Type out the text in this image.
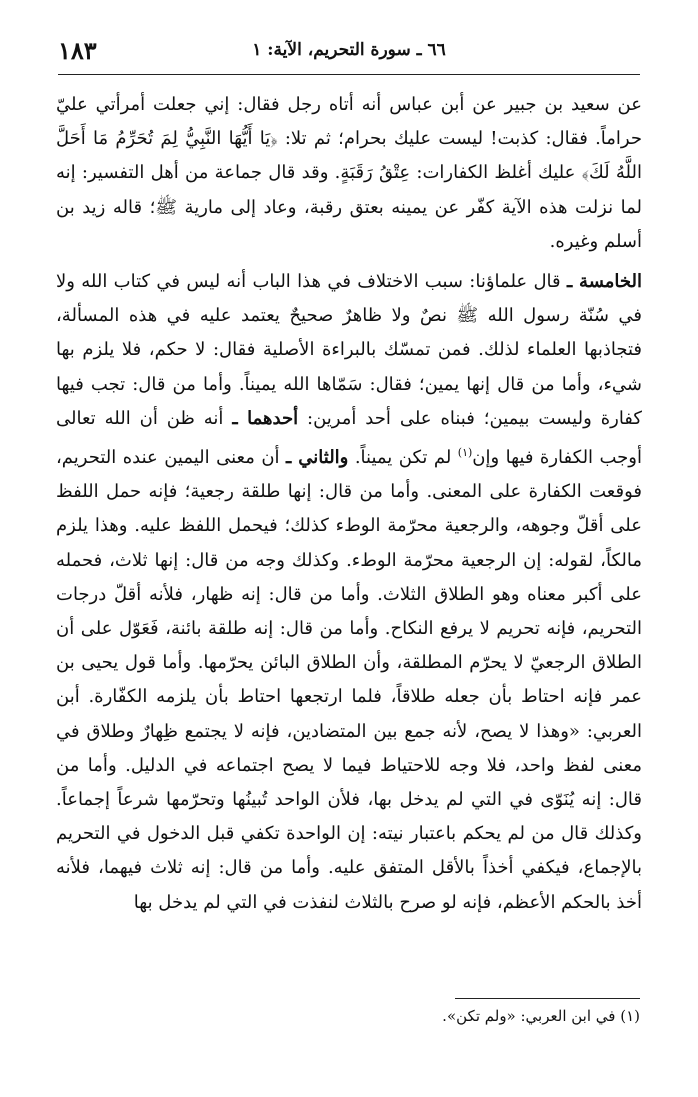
٦٦ ـ سورة التحريم، الآية: ١
١٨٣

عن سعيد بن جبير عن أبن عباس أنه أتاه رجل فقال: إني جعلت أمرأتي عليّ حراماً. فقال: كذبت! ليست عليك بحرام؛ ثم تلا: ﴿يَا أَيُّهَا النَّبِيُّ لِمَ تُحَرِّمُ مَا أَحَلَّ اللَّهُ لَكَ﴾ عليك أغلظ الكفارات: عِتْقُ رَقَبَةٍ. وقد قال جماعة من أهل التفسير: إنه لما نزلت هذه الآية كفّر عن يمينه بعتق رقبة، وعاد إلى مارية ﷺ؛ قاله زيد بن أسلم وغيره.

الخامسة ـ قال علماؤنا: سبب الاختلاف في هذا الباب أنه ليس في كتاب الله ولا في سُنّة رسول الله ﷺ نصٌ ولا ظاهرٌ صحيحٌ يعتمد عليه في هذه المسألة، فتجاذبها العلماء لذلك. فمن تمسّك بالبراءة الأصلية فقال: لا حكم، فلا يلزم بها شيء، وأما من قال إنها يمين؛ فقال: سَمّاها الله يميناً. وأما من قال: تجب فيها كفارة وليست بيمين؛ فبناه على أحد أمرين: أحدهما ـ أنه ظن أن الله تعالى أوجب الكفارة فيها وإن$^{(١)}$ لم تكن يميناً. والثاني ـ أن معنى اليمين عنده التحريم، فوقعت الكفارة على المعنى. وأما من قال: إنها طلقة رجعية؛ فإنه حمل اللفظ على أقلّ وجوهه، والرجعية محرّمة الوطء كذلك؛ فيحمل اللفظ عليه. وهذا يلزم مالكاً، لقوله: إن الرجعية محرّمة الوطء. وكذلك وجه من قال: إنها ثلاث، فحمله على أكبر معناه وهو الطلاق الثلاث. وأما من قال: إنه ظهار، فلأنه أقلّ درجات التحريم، فإنه تحريم لا يرفع النكاح. وأما من قال: إنه طلقة بائنة، فَعَوّل على أن الطلاق الرجعيّ لا يحرّم المطلقة، وأن الطلاق البائن يحرّمها. وأما قول يحيى بن عمر فإنه احتاط بأن جعله طلاقاً، فلما ارتجعها احتاط بأن يلزمه الكفّارة. أبن العربي: «وهذا لا يصح، لأنه جمع بين المتضادين، فإنه لا يجتمع ظِهارٌ وطلاق في معنى لفظ واحد، فلا وجه للاحتياط فيما لا يصح اجتماعه في الدليل. وأما من قال: إنه يُنَوّى في التي لم يدخل بها، فلأن الواحد تُبينُها وتحرّمها شرعاً إجماعاً. وكذلك قال من لم يحكم باعتبار نيته: إن الواحدة تكفي قبل الدخول في التحريم بالإجماع، فيكفي أخذاً بالأقل المتفق عليه. وأما من قال: إنه ثلاث فيهما، فلأنه أخذ بالحكم الأعظم، فإنه لو صرح بالثلاث لنفذت في التي لم يدخل بها

(١) في ابن العربي: «ولم تكن».
